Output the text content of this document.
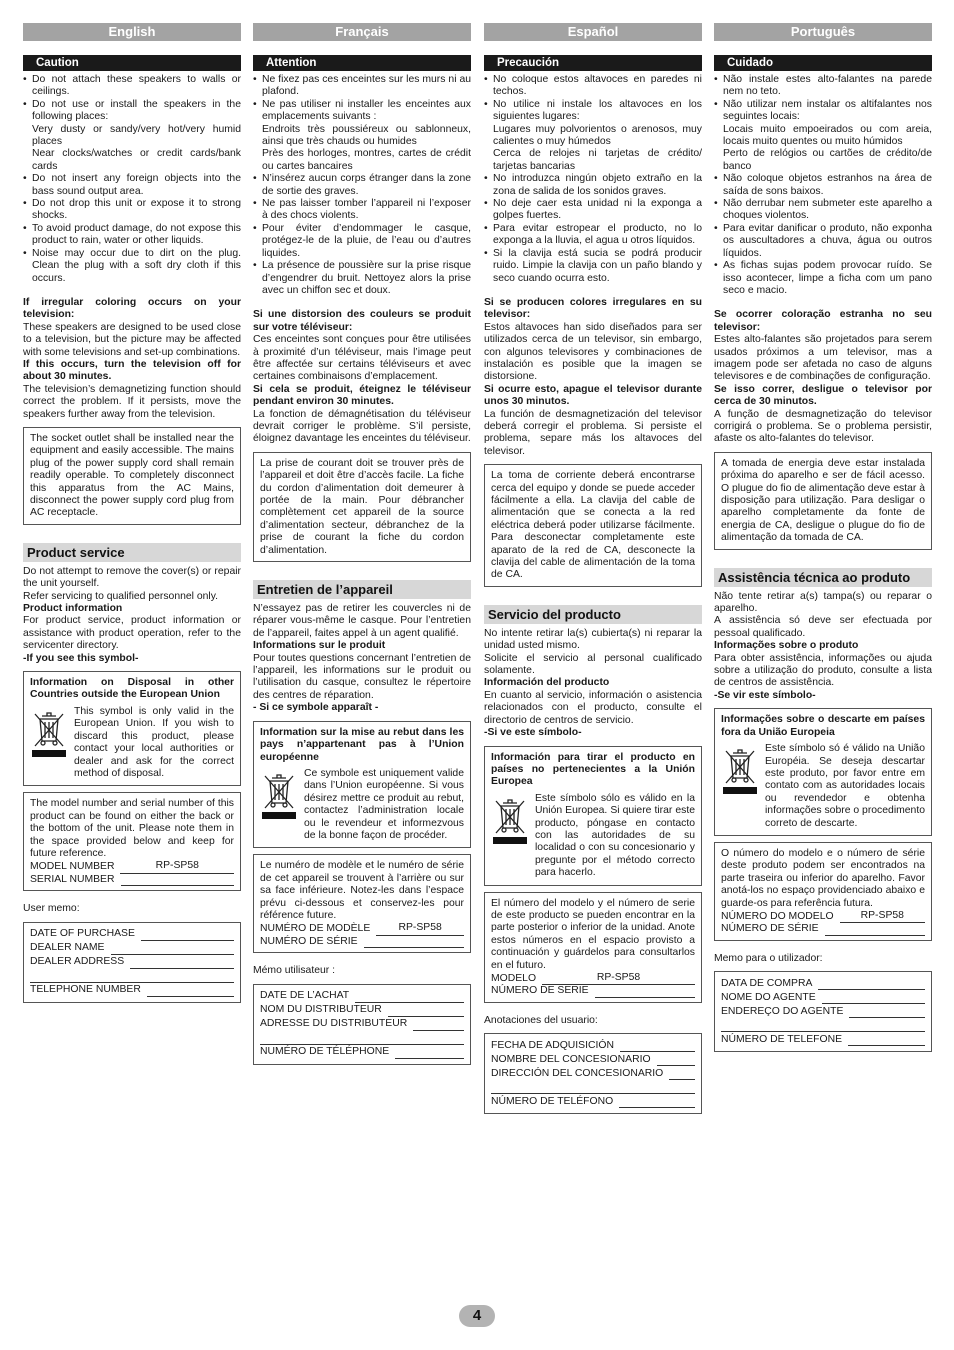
English
Caution
• Do not attach these speakers to walls or ceilings.
• Do not use or install the speakers in the following places:
Very dusty or sandy/very hot/very humid places
Near clocks/watches or credit cards/bank cards
• Do not insert any foreign objects into the bass sound output area.
• Do not drop this unit or expose it to strong shocks.
• To avoid product damage, do not expose this product to rain, water or other liquids.
• Noise may occur due to dirt on the plug. Clean the plug with a soft dry cloth if this occurs.

If irregular coloring occurs on your television:

These speakers are designed to be used close to a television, but the picture may be affected with some televisions and set-up combinations.

If this occurs, turn the television off for about 30 minutes.

The television’s demagnetizing function should correct the problem. If it persists, move the speakers further away from the television.

The socket outlet shall be installed near the equipment and easily accessible. The mains plug of the power supply cord shall remain readily operable. To completely disconnect this apparatus from the AC Mains, disconnect the power supply cord plug from AC receptacle.

Product service

Do not attempt to remove the cover(s) or repair the unit yourself.

Refer servicing to qualified personnel only.

Product information

For product service, product information or assistance with product operation, refer to the servicenter directory.

-If you see this symbol-

Information on Disposal in other Countries outside the European Union
This symbol is only valid in the European Union. If you wish to discard this product, please contact your local authorities or dealer and ask for the correct method of disposal.

The model number and serial number of this product can be found on either the back or the bottom of the unit. Please note them in the space provided below and keep for future reference.

MODEL NUMBER	RP-SP58
SERIAL NUMBER

User memo:

DATE OF PURCHASE
DEALER NAME
DEALER ADDRESS
TELEPHONE NUMBER
Français
Attention
• Ne fixez pas ces enceintes sur les murs ni au plafond.
• Ne pas utiliser ni installer les enceintes aux emplacements suivants :
Endroits très poussiéreux ou sablonneux, ainsi que très chauds ou humides
Près des horloges, montres, cartes de crédit ou cartes bancaires
• N’insérez aucun corps étranger dans la zone de sortie des graves.
• Ne pas laisser tomber l’appareil ni l’exposer à des chocs violents.
• Pour éviter d’endommager le casque, protégez-le de la pluie, de l’eau ou d’autres liquides.
• La présence de poussière sur la prise risque d’engendrer du bruit. Nettoyez alors la prise avec un chiffon sec et doux.

Si une distorsion des couleurs se produit sur votre téléviseur:

Ces enceintes sont conçues pour être utilisées à proximité d’un téléviseur, mais l’image peut être affectée sur certains téléviseurs et avec certaines combinaisons d’emplacement.

Si cela se produit, éteignez le téléviseur pendant environ 30 minutes.

La fonction de démagnétisation du téléviseur devrait corriger le problème. S’il persiste, éloignez davantage les enceintes du téléviseur.

La prise de courant doit se trouver près de l’appareil et doit être d’accès facile. La fiche du cordon d’alimentation doit demeurer à portée de la main. Pour débrancher complètement cet appareil de la source d’alimentation secteur, débranchez de la prise de courant la fiche du cordon d’alimentation.

Entretien de l’appareil

N’essayez pas de retirer les couvercles ni de réparer vous-même le casque. Pour l’entretien de l’appareil, faites appel à un agent qualifié.

Informations sur le produit

Pour toutes questions concernant l’entretien de l’appareil, les informations sur le produit ou l’utilisation du casque, consultez le répertoire des centres de réparation.

- Si ce symbole apparaît -

Information sur la mise au rebut dans les pays n’appartenant pas à l’Union européenne
Ce symbole est uniquement valide dans l’Union européenne. Si vous désirez mettre ce produit au rebut, contactez l’administration locale ou le revendeur et informezvous de la bonne façon de procéder.

Le numéro de modèle et le numéro de série de cet appareil se trouvent à l’arrière ou sur sa face inférieure. Notez-les dans l’espace prévu ci-dessous et conservez-les pour référence future.

NUMÉRO DE MODÈLE	RP-SP58
NUMÉRO DE SÉRIE

Mémo utilisateur :

DATE DE L’ACHAT
NOM DU DISTRIBUTEUR
ADRESSE DU DISTRIBUTEUR
NUMÉRO DE TÉLÉPHONE
Español
Precaución
• No coloque estos altavoces en paredes ni techos.
• No utilice ni instale los altavoces en los siguientes lugares:
Lugares muy polvorientos o arenosos, muy calientes o muy húmedos
Cerca de relojes ni tarjetas de crédito/ tarjetas bancarias
• No introduzca ningún objeto extraño en la zona de salida de los sonidos graves.
• No deje caer esta unidad ni la exponga a golpes fuertes.
• Para evitar estropear el producto, no lo exponga a la lluvia, el agua u otros líquidos.
• Si la clavija está sucia se podrá producir ruido. Limpie la clavija con un paño blando y seco cuando ocurra esto.

Si se producen colores irregulares en su televisor:

Estos altavoces han sido diseñados para ser utilizados cerca de un televisor, sin embargo, con algunos televisores y combinaciones de instalación es posible que la imagen se distorsione.

Si ocurre esto, apague el televisor durante unos 30 minutos.

La función de desmagnetización del televisor deberá corregir el problema. Si persiste el problema, separe más los altavoces del televisor.

La toma de corriente deberá encontrarse cerca del equipo y donde se puede acceder fácilmente a ella. La clavija del cable de alimentación que se conecta a la red eléctrica deberá poder utilizarse fácilmente. Para desconectar completamente este aparato de la red de CA, desconecte la clavija del cable de alimentación de la toma de CA.

Servicio del producto

No intente retirar la(s) cubierta(s) ni reparar la unidad usted mismo.

Solicite el servicio al personal cualificado solamente.

Información del producto

En cuanto al servicio, información o asistencia relacionados con el producto, consulte el directorio de centros de servicio.

-Si ve este símbolo-

Información para tirar el producto en países no pertenecientes a la Unión Europea
Este símbolo sólo es válido en la Unión Europea. Si quiere tirar este producto, póngase en contacto con las autoridades de su localidad o con su concesionario y pregunte por el método correcto para hacerlo.

El número del modelo y el número de serie de este producto se pueden encontrar en la parte posterior o inferior de la unidad. Anote estos números en el espacio provisto a continuación y guárdelos para consultarlos en el futuro.

MODELO	RP-SP58
NÚMERO DE SERIE

Anotaciones del usuario:

FECHA DE ADQUISICIÓN
NOMBRE DEL CONCESIONARIO
DIRECCIÓN DEL CONCESIONARIO
NÚMERO DE TELÉFONO
Português
Cuidado
• Não instale estes alto-falantes na parede nem no teto.
• Não utilizar nem instalar os altifalantes nos seguintes locais:
Locais muito empoeirados ou com areia, locais muito quentes ou muito húmidos
Perto de relógios ou cartões de crédito/de banco
• Não coloque objetos estranhos na área de saída de sons baixos.
• Não derrubar nem submeter este aparelho a choques violentos.
• Para evitar danificar o produto, não exponha os auscultadores a chuva, água ou outros líquidos.
• As fichas sujas podem provocar ruído. Se isso acontecer, limpe a ficha com um pano seco e macio.

Se ocorrer coloração estranha no seu televisor:

Estes alto-falantes são projetados para serem usados próximos a um televisor, mas a imagem pode ser afetada no caso de alguns televisores e de combinações de configuração.

Se isso correr, desligue o televisor por cerca de 30 minutos.

A função de desmagnetização do televisor corrigirá o problema. Se o problema persistir, afaste os alto-falantes do televisor.

A tomada de energia deve estar instalada próxima do aparelho e ser de fácil acesso. O plugue do fio de alimentação deve estar à disposição para utilização. Para desligar o aparelho completamente da fonte de energia de CA, desligue o plugue do fio de alimentação da tomada de CA.

Assistência técnica ao produto

Não tente retirar a(s) tampa(s) ou reparar o aparelho.

A assistência só deve ser efectuada por pessoal qualificado.

Informações sobre o produto

Para obter assistência, informações ou ajuda sobre a utilização do produto, consulte a lista de centros de assistência.

-Se vir este símbolo-

Informações sobre o descarte em países fora da União Europeia
Este símbolo só é válido na União Européia. Se deseja descartar este produto, por favor entre em contato com as autoridades locais ou revendedor e obtenha informações sobre o procedimento correto de descarte.

O número do modelo e o número de série deste produto podem ser encontrados na parte traseira ou inferior do aparelho. Favor anotá-los no espaço providenciado abaixo e guarde-os para referência futura.

NÚMERO DO MODELO	RP-SP58
NÚMERO DE SÉRIE

Memo para o utilizador:

DATA DE COMPRA
NOME DO AGENTE
ENDEREÇO DO AGENTE
NÚMERO DE TELEFONE
4
